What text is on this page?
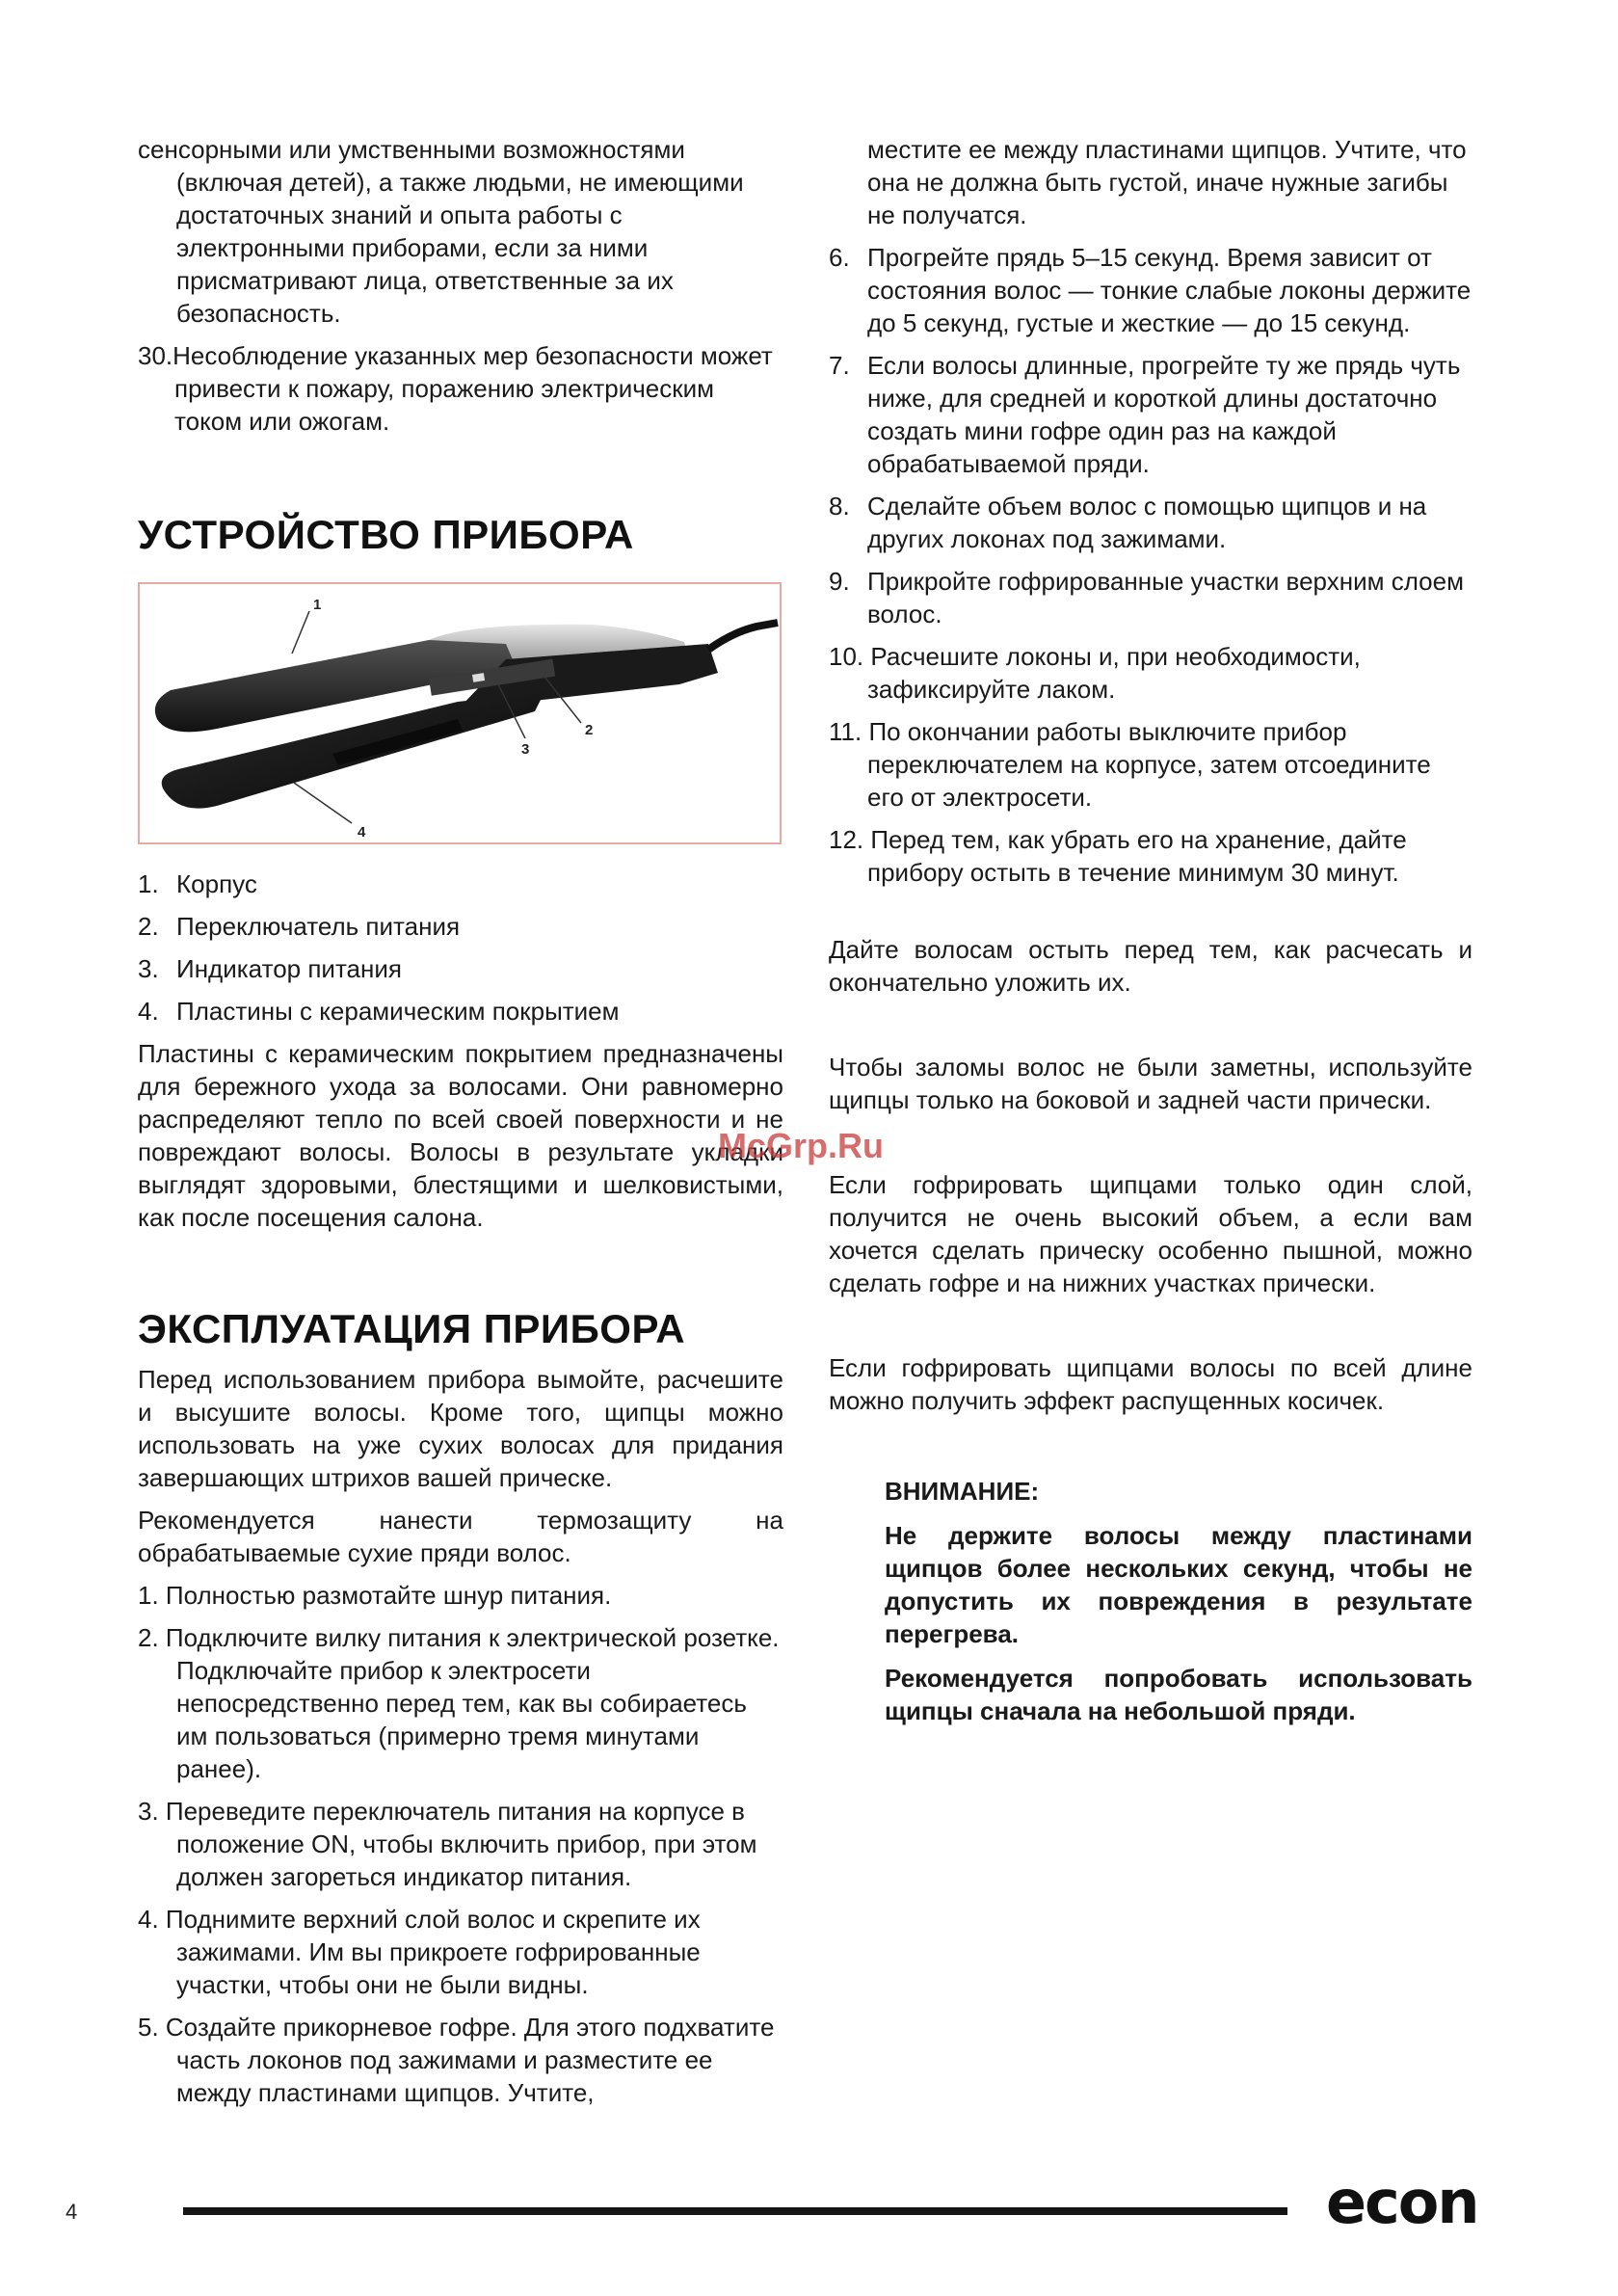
сенсорными или умственными возможностями (включая детей), а также людьми, не имеющими достаточных знаний и опыта работы с электронными приборами, если за ними присматривают лица, ответственные за их безопасность.

30.Несоблюдение указанных мер безопасности может привести к пожару, поражению электрическим током или ожогам.

УСТРОЙСТВО ПРИБОРА
1
2
3
4
1. Корпус
2. Переключатель питания
3. Индикатор питания
4. Пластины с керамическим покрытием

Пластины с керамическим покрытием предназначены для бережного ухода за волосами. Они равномерно распределяют тепло по всей своей поверхности и не повреждают волосы. Волосы в результате укладки выглядят здоровыми, блестящими и шелковистыми, как после посещения салона.

ЭКСПЛУАТАЦИЯ ПРИБОРА

Перед использованием прибора вымойте, расчешите и высушите волосы. Кроме того, щипцы можно использовать на уже сухих волосах для придания завершающих штрихов вашей прическе.

Рекомендуется нанести термозащиту на обрабатываемые сухие пряди волос.

1. Полностью размотайте шнур питания.

2. Подключите вилку питания к электрической розетке. Подключайте прибор к электросети непосредственно перед тем, как вы собираетесь им пользоваться (примерно тремя минутами ранее).

3. Переведите переключатель питания на корпусе в положение ON, чтобы включить прибор, при этом должен загореться индикатор питания.

4. Поднимите верхний слой волос и скрепите их зажимами. Им вы прикроете гофрированные участки, чтобы они не были видны.

5. Создайте прикорневое гофре. Для этого подхватите часть локонов под зажимами и разместите ее между пластинами щипцов. Учтите,

местите ее между пластинами щипцов. Учтите, что она не должна быть густой, иначе нужные загибы не получатся.

6. Прогрейте прядь 5–15 секунд. Время зависит от состояния волос — тонкие слабые локоны держите до 5 секунд, густые и жесткие — до 15 секунд.
7. Если волосы длинные, прогрейте ту же прядь чуть ниже, для средней и короткой длины достаточно создать мини гофре один раз на каждой обрабатываемой пряди.
8. Сделайте объем волос с помощью щипцов и на других локонах под зажимами.
9. Прикройте гофрированные участки верхним слоем волос.

10. Расчешите локоны и, при необходимости, зафиксируйте лаком.

11. По окончании работы выключите прибор переключателем на корпусе, затем отсоедините его от электросети.

12. Перед тем, как убрать его на хранение, дайте прибору остыть в течение минимум 30 минут.

Дайте волосам остыть перед тем, как расчесать и окончательно уложить их.

Чтобы заломы волос не были заметны, используйте щипцы только на боковой и задней части прически.

Если гофрировать щипцами только один слой, получится не очень высокий объем, а если вам хочется сделать прическу особенно пышной, можно сделать гофре и на нижних участках прически.

Если гофрировать щипцами волосы по всей длине можно получить эффект распущенных косичек.

ВНИМАНИЕ:

Не держите волосы между пластинами щипцов более нескольких секунд, чтобы не допустить их повреждения в результате перегрева.

Рекомендуется попробовать использовать щипцы сначала на небольшой пряди.

McGrp.Ru
4	econ
